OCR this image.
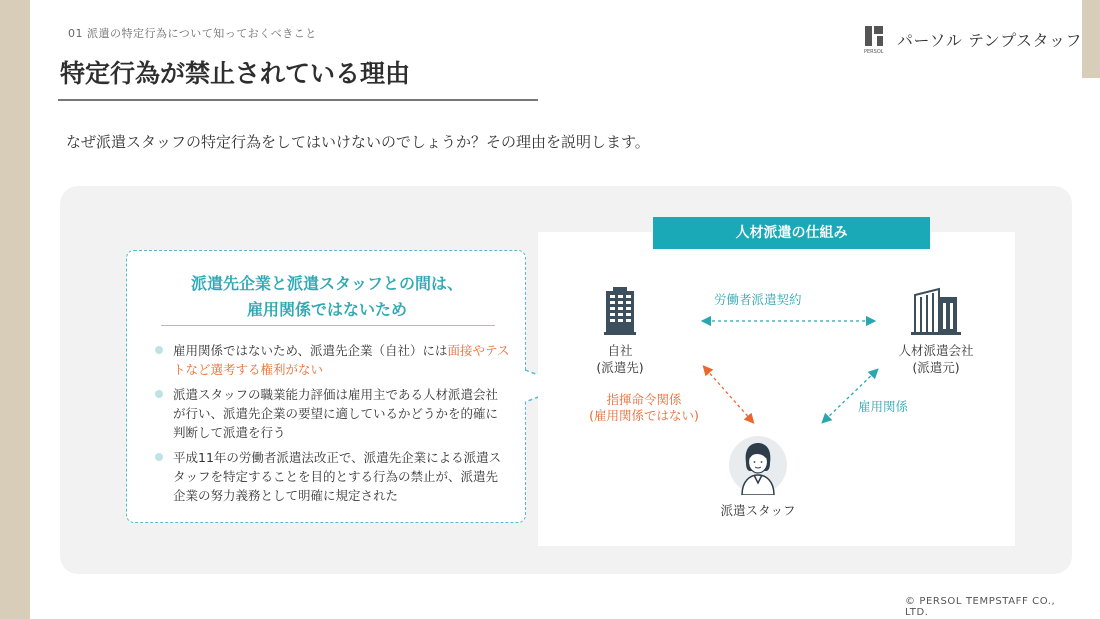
01 派遣の特定行為について知っておくべきこと
特定行為が禁止されている理由
PERSOL
パーソル テンプスタッフ
なぜ派遣スタッフの特定行為をしてはいけないのでしょうか？その理由を説明します。
派遣先企業と派遣スタッフとの間は、
雇用関係ではないため
雇用関係ではないため、派遣先企業（自社）には面接やテストなど選考する権利がない
派遣スタッフの職業能力評価は雇用主である人材派遣会社が行い、派遣先企業の要望に適しているかどうかを的確に判断して派遣を行う
平成11年の労働者派遣法改正で、派遣先企業による派遣スタッフを特定することを目的とする行為の禁止が、派遣先企業の努力義務として明確に規定された
人材派遣の仕組み
自社
(派遣先)
人材派遣会社
(派遣元)
派遣スタッフ
労働者派遣契約
指揮命令関係
(雇用関係ではない)
雇用関係
© PERSOL TEMPSTAFF CO., LTD.
